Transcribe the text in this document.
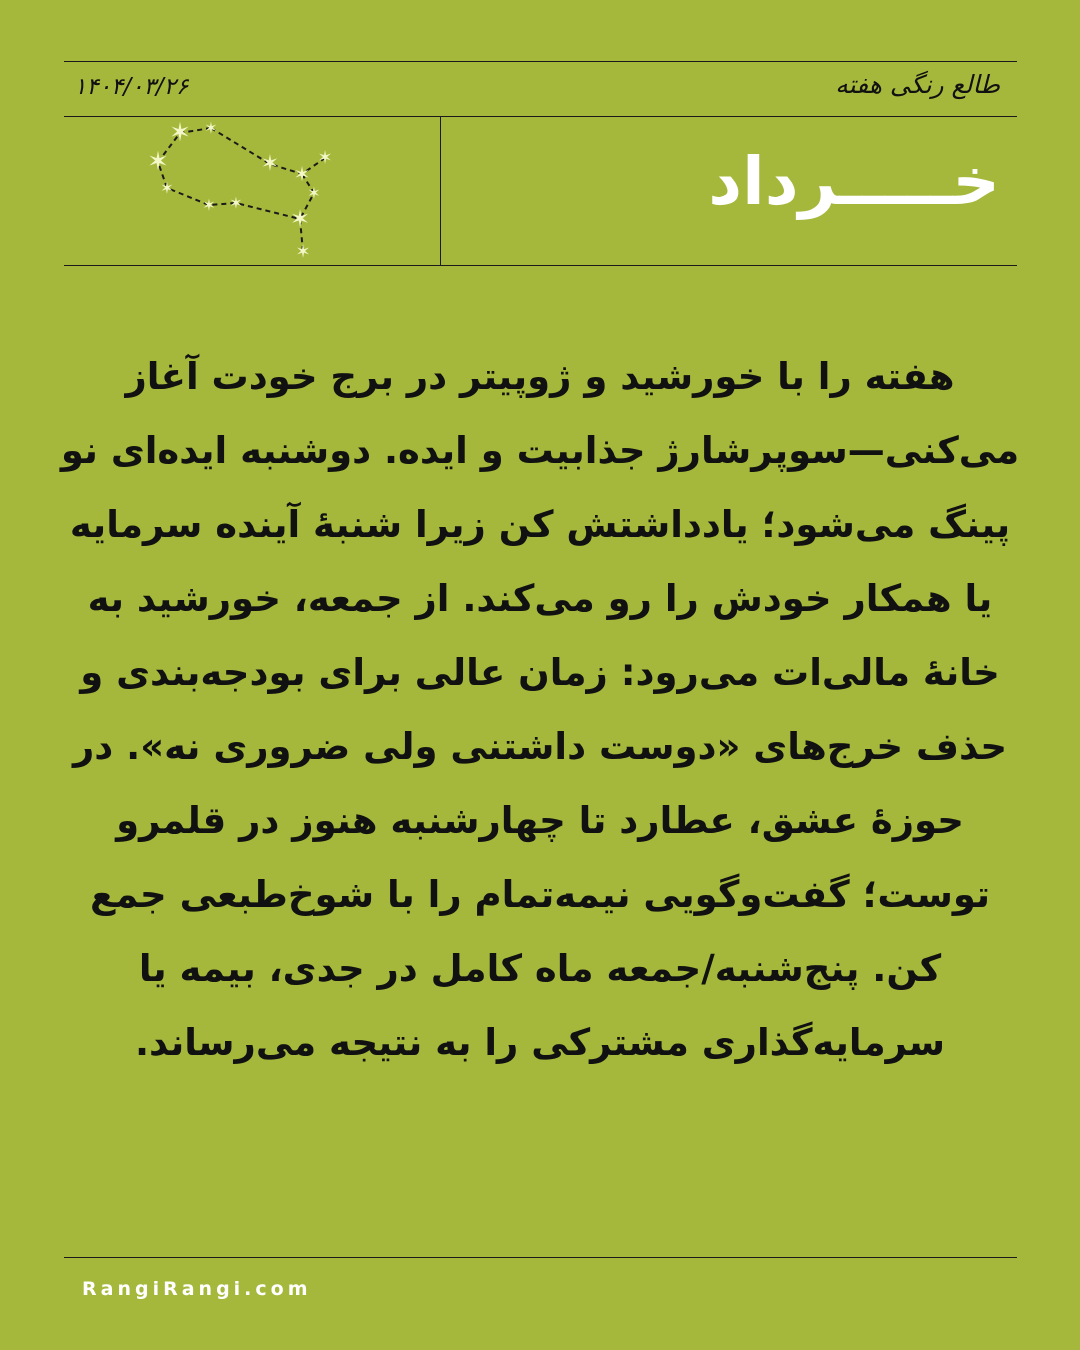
طالع رنگی هفته
۱۴۰۴/۰۳/۲۶
خـــــرداد
✶ ✶
✶
✶
✶ ✶
✶ ✶
✶
✶
✶
✶
هفته را با خورشید و ژوپیتر در برج خودت آغاز می‌کنی—سوپرشارژ جذابیت و ایده. دوشنبه ایده‌ای نو پینگ می‌شود؛ یادداشتش کن زیرا شنبهٔ آینده سرمایه یا همکار خودش را رو می‌کند. از جمعه، خورشید به خانهٔ مالی‌ات می‌رود: زمان عالی برای بودجه‌بندی و حذف خرج‌های «دوست داشتنی ولی ضروری نه». در حوزهٔ عشق، عطارد تا چهارشنبه هنوز در قلمرو توست؛ گفت‌وگویی نیمه‌تمام را با شوخ‌طبعی جمع کن. پنج‌شنبه/جمعه ماه کامل در جدی، بیمه یا سرمایه‌گذاری مشترکی را به نتیجه می‌رساند.
RangiRangi.com
